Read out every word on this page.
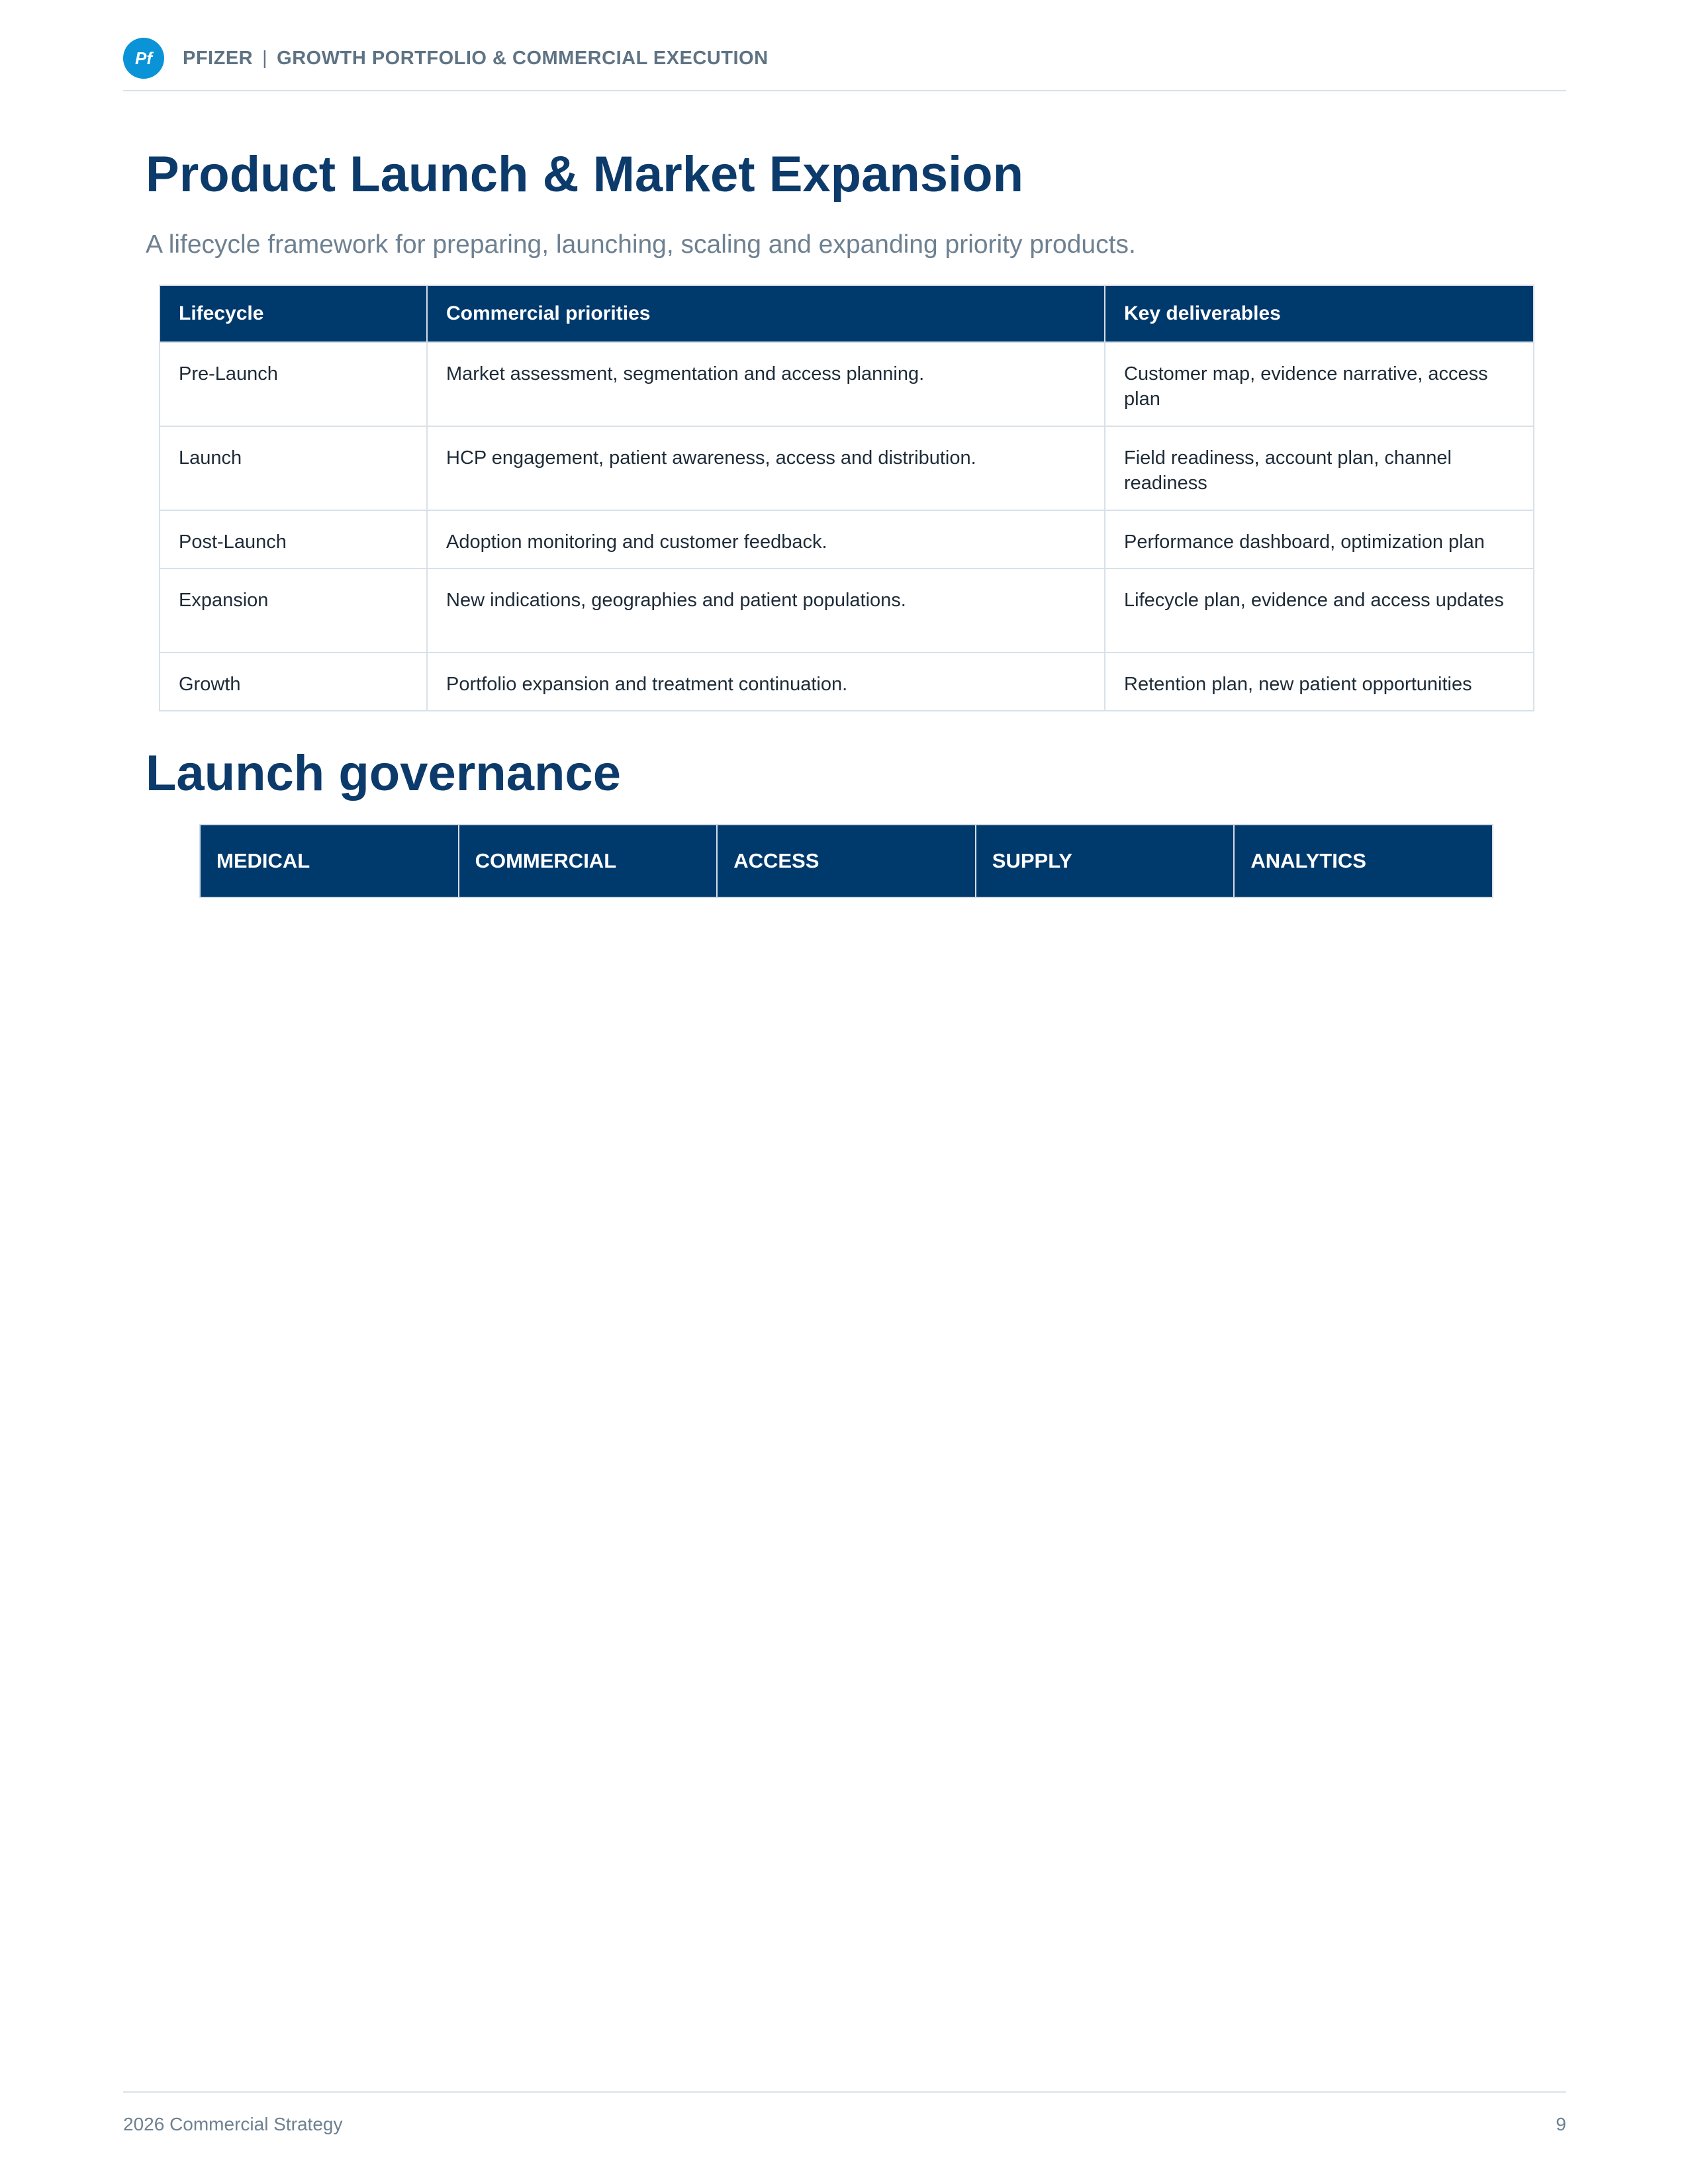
Pf	PFIZER | GROWTH PORTFOLIO & COMMERCIAL EXECUTION
Product Launch & Market Expansion
A lifecycle framework for preparing, launching, scaling and expanding priority products.
Lifecycle	Commercial priorities	Key deliverables
Pre-Launch	Market assessment, segmentation and access planning.	Customer map, evidence narrative, access plan
Launch	HCP engagement, patient awareness, access and distribution.	Field readiness, account plan, channel readiness
Post-Launch	Adoption monitoring and customer feedback.	Performance dashboard, optimization plan
Expansion	New indications, geographies and patient populations.	Lifecycle plan, evidence and access updates
Growth	Portfolio expansion and treatment continuation.	Retention plan, new patient opportunities
Launch governance
MEDICAL	COMMERCIAL	ACCESS	SUPPLY	ANALYTICS
2026 Commercial Strategy	9
